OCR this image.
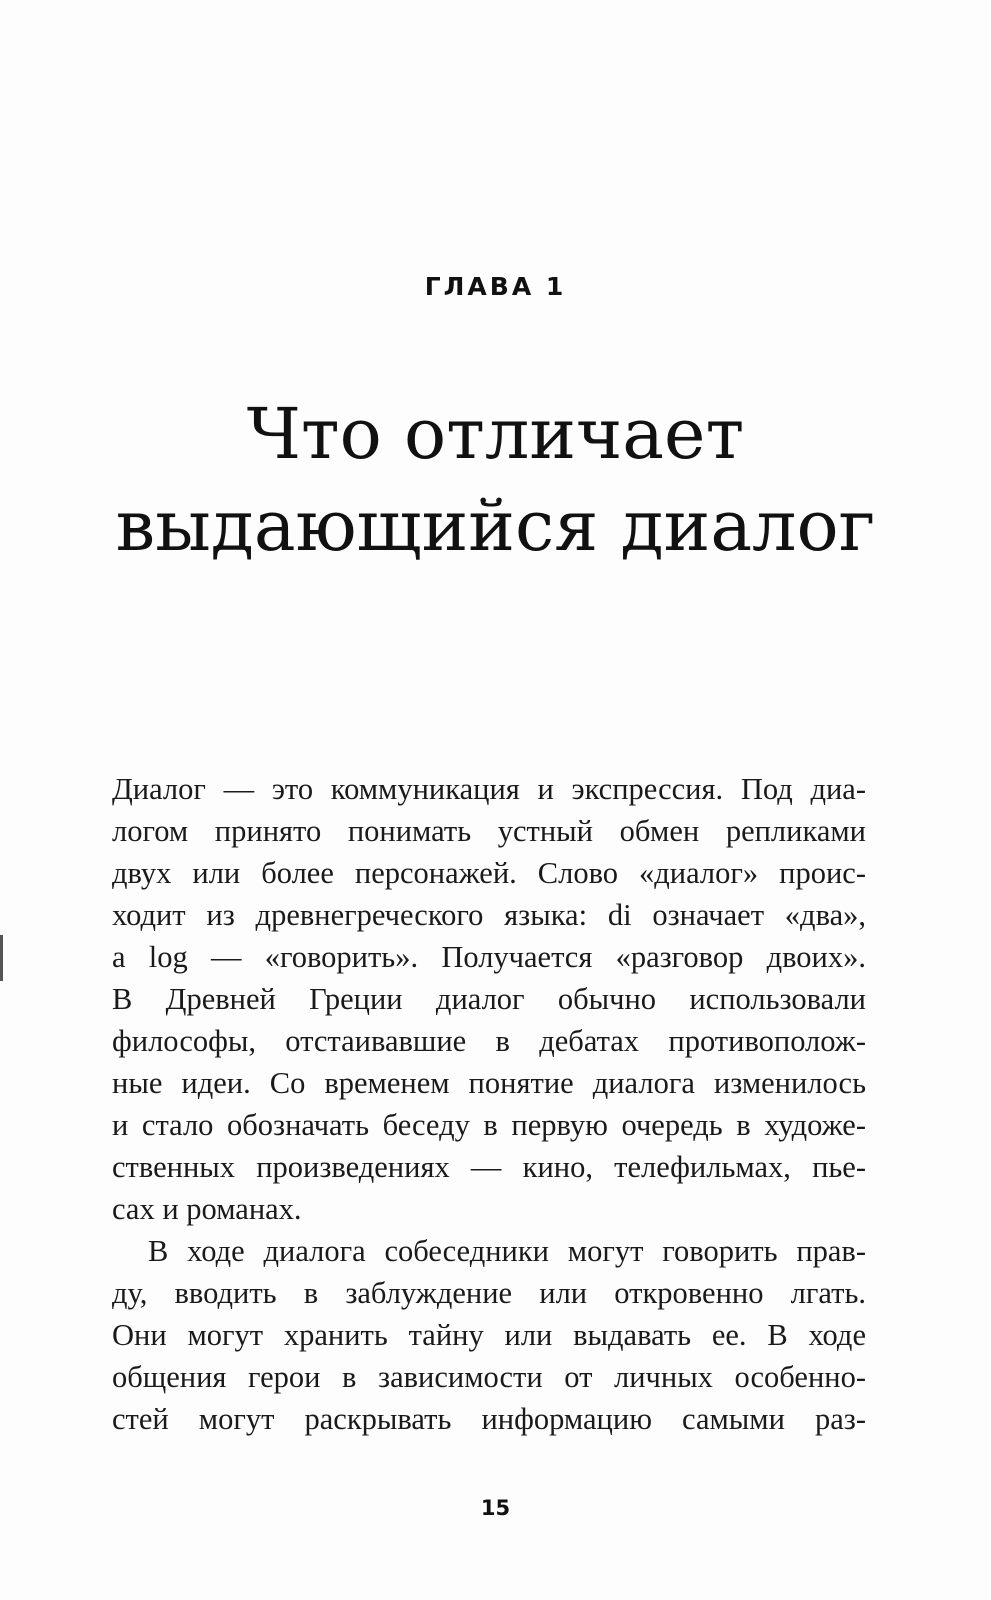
ГЛАВА 1
Что отличает
выдающийся диалог
Диалог — это коммуникация и экспрессия. Под диа-
логом принято понимать устный обмен репликами
двух или более персонажей. Слово «диалог» проис-
ходит из древнегреческого языка: di означает «два»,
a log — «говорить». Получается «разговор двоих».
В Древней Греции диалог обычно использовали
философы, отстаивавшие в дебатах противополож-
ные идеи. Со временем понятие диалога изменилось
и стало обозначать беседу в первую очередь в художе-
ственных произведениях — кино, телефильмах, пье-
сах и романах.
В ходе диалога собеседники могут говорить прав-
ду, вводить в заблуждение или откровенно лгать.
Они могут хранить тайну или выдавать ее. В ходе
общения герои в зависимости от личных особенно-
стей могут раскрывать информацию самыми раз-
15
